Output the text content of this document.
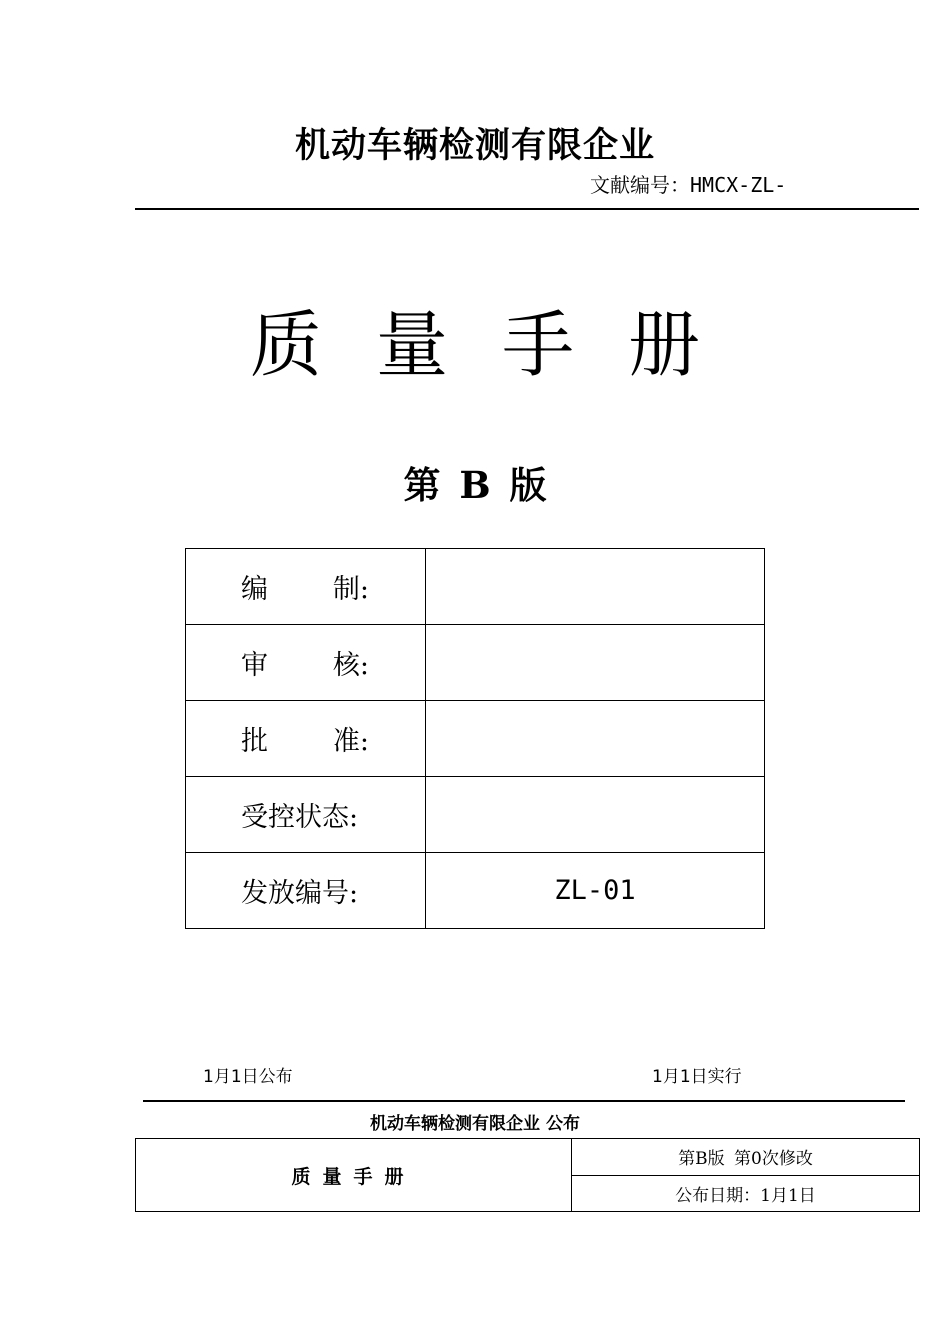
机动车辆检测有限企业
文献编号：HMCX-ZL-
质量手册
第 B 版
编 制:	

审 核:	

批 准:	

受控状态:	
发放编号:	ZL-01
1月1日公布	1月1日实行
机动车辆检测有限企业 公布
质量手册	第B版 第0次修改
公布日期：1月1日
